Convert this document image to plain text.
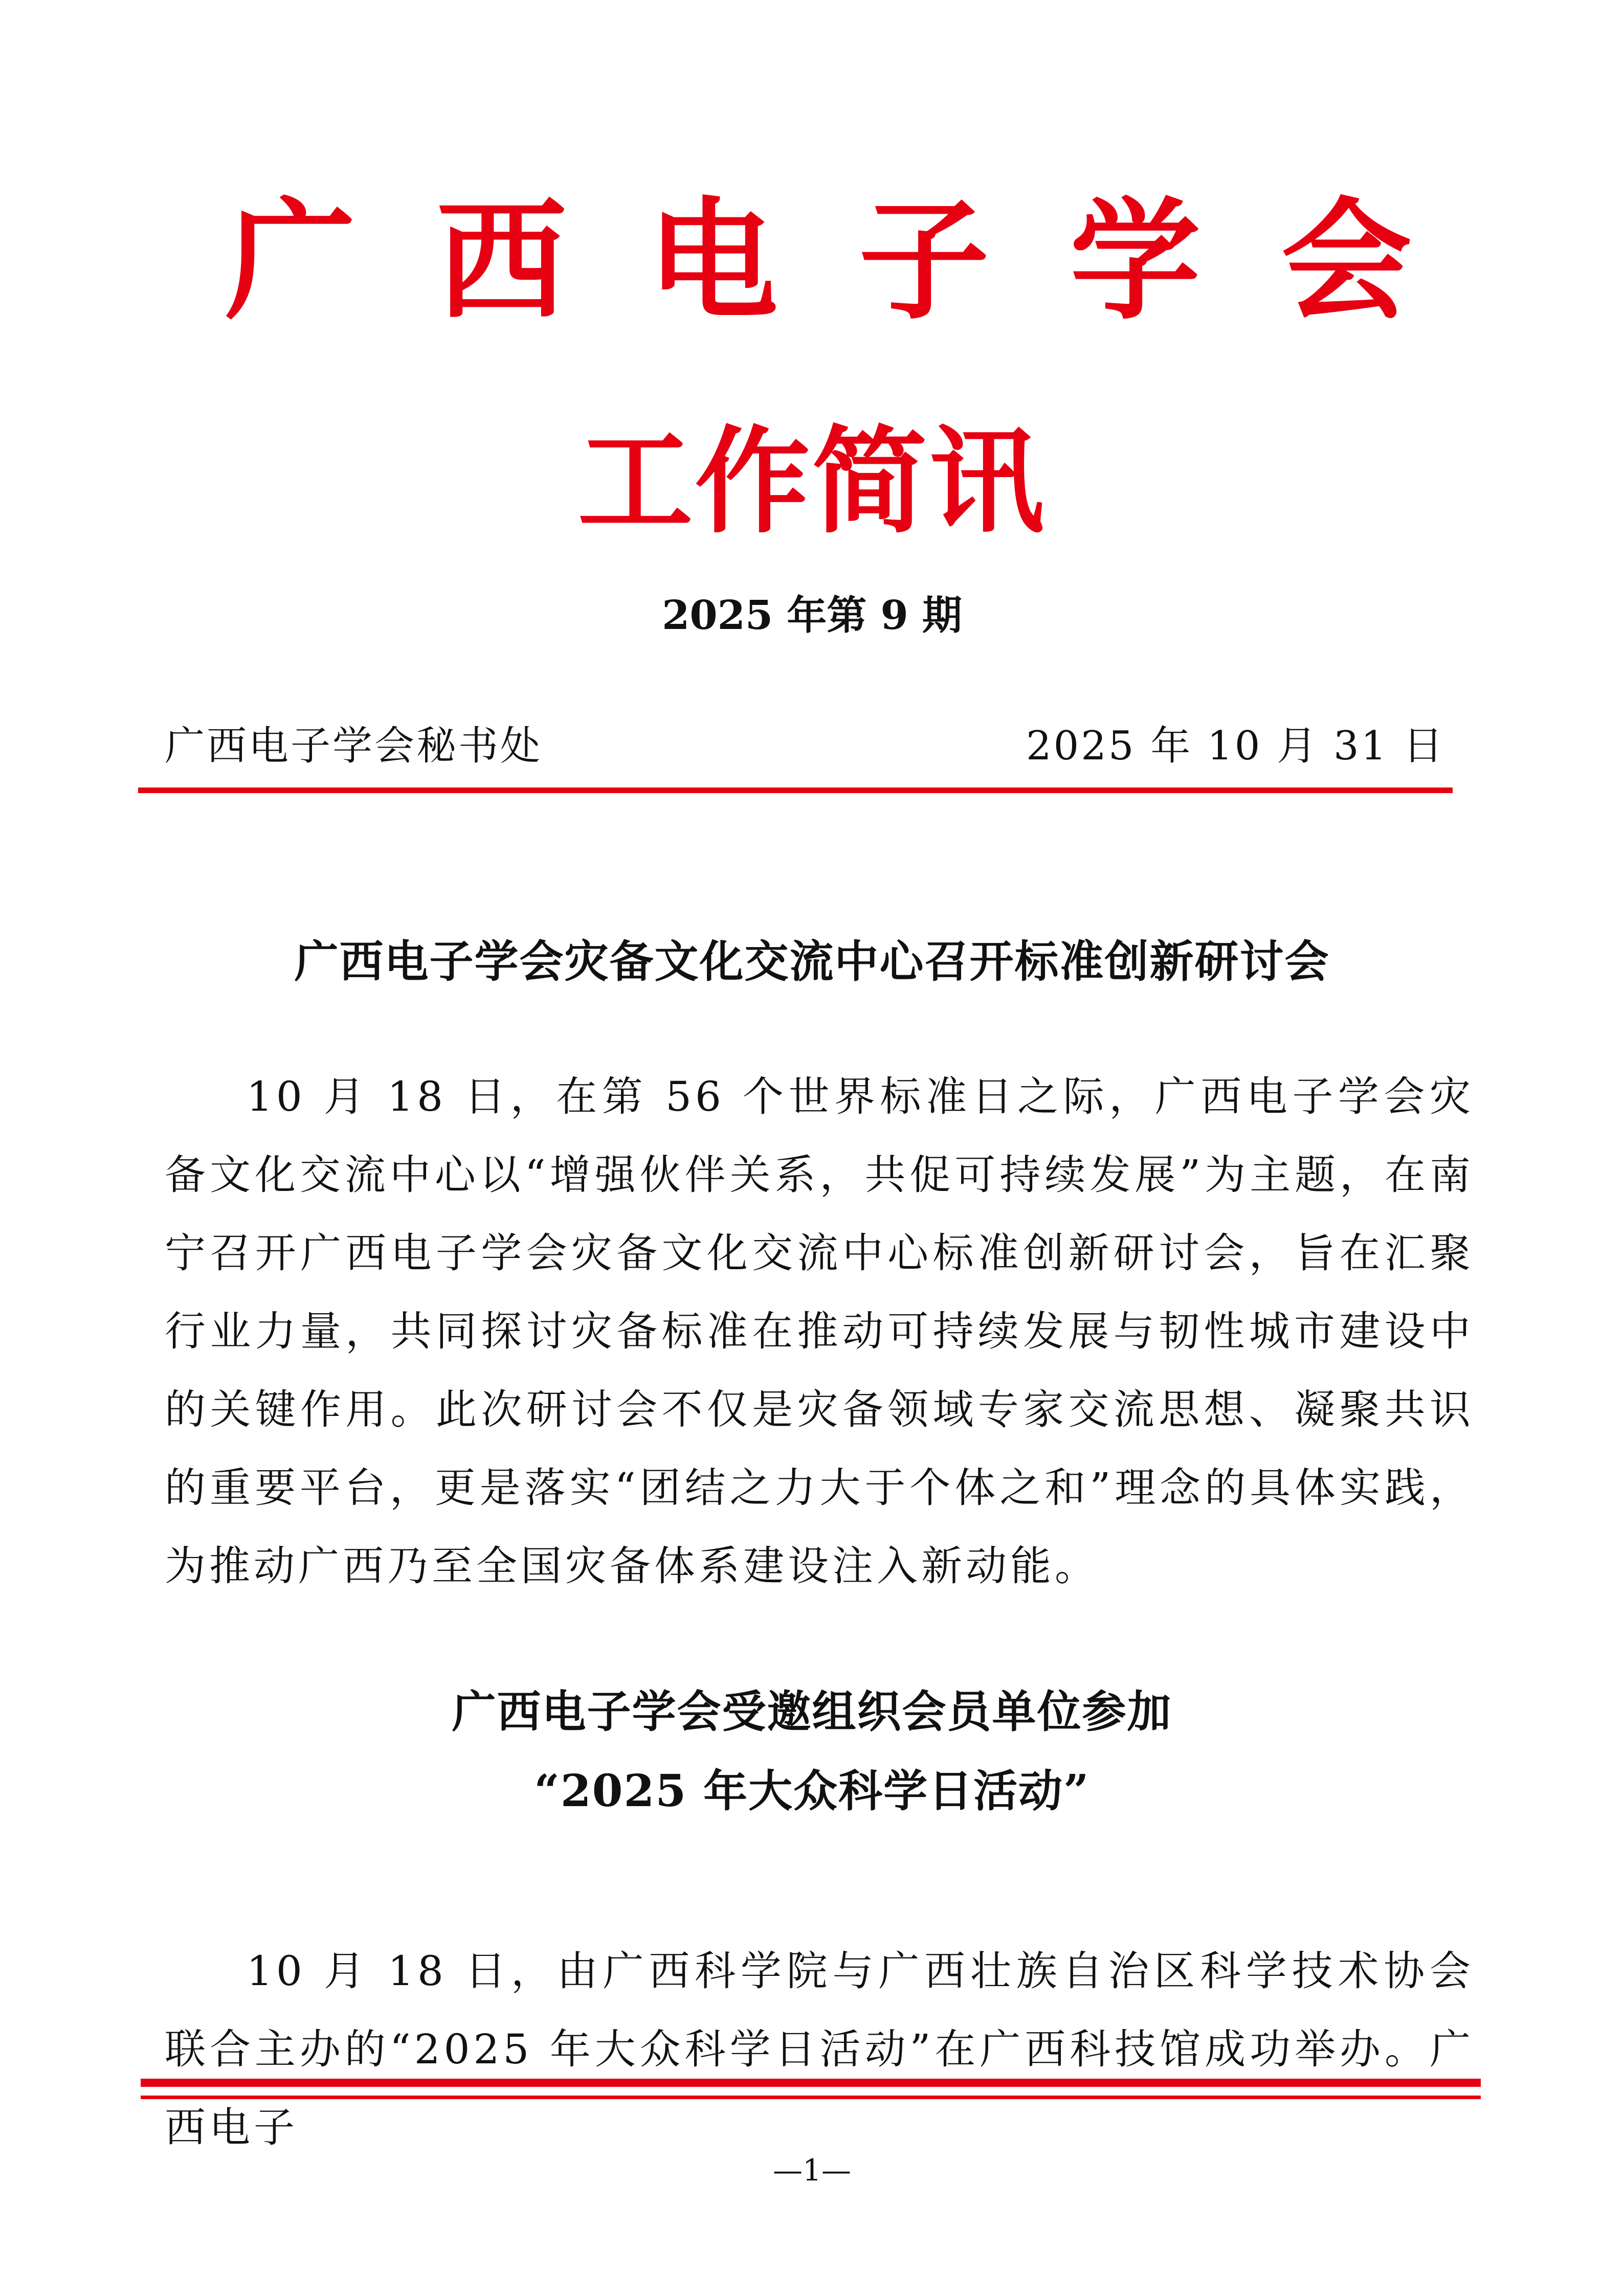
广 西 电 子 学 会
工作简讯
2025 年第 9 期
广西电子学会秘书处	2025 年 10 月 31 日
广西电子学会灾备文化交流中心召开标准创新研讨会
10 月 18 日，在第 56 个世界标准日之际，广西电子学会灾备文化交流中心以“增强伙伴关系，共促可持续发展”为主题，在南宁召开广西电子学会灾备文化交流中心标准创新研讨会，旨在汇聚行业力量，共同探讨灾备标准在推动可持续发展与韧性城市建设中的关键作用。此次研讨会不仅是灾备领域专家交流思想、凝聚共识的重要平台，更是落实“团结之力大于个体之和”理念的具体实践，为推动广西乃至全国灾备体系建设注入新动能。
广西电子学会受邀组织会员单位参加
“2025 年大众科学日活动”
10 月 18 日，由广西科学院与广西壮族自治区科学技术协会联合主办的“2025 年大众科学日活动”在广西科技馆成功举办。广西电子
—1—
